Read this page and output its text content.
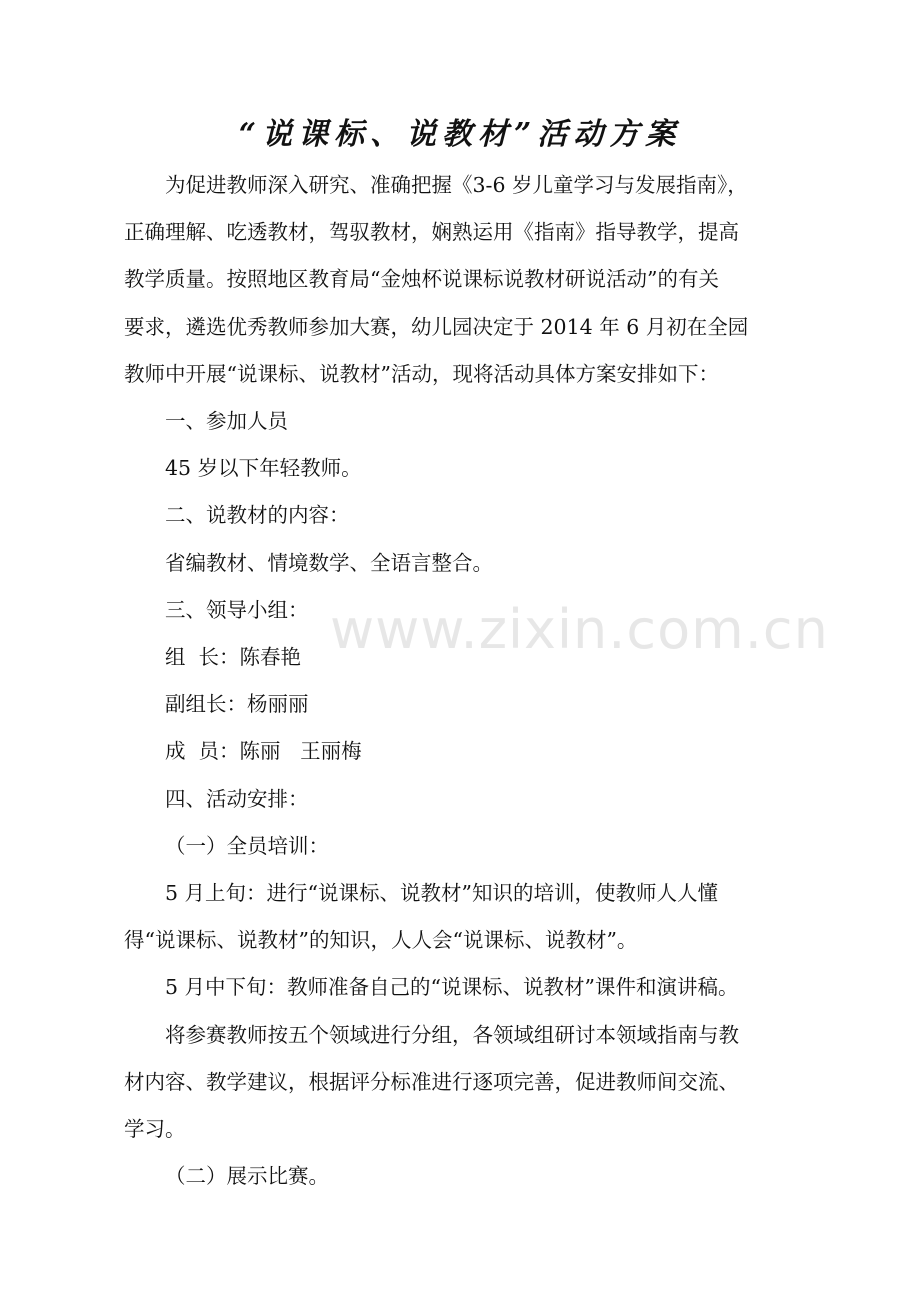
“说课标、说教材”活动方案

为促进教师深入研究、准确把握《3-6 岁儿童学习与发展指南》，
正确理解、吃透教材，驾驭教材，娴熟运用《指南》指导教学，提高
教学质量。按照地区教育局“金烛杯说课标说教材研说活动”的有关
要求，遴选优秀教师参加大赛，幼儿园决定于 2014 年 6 月初在全园
教师中开展“说课标、说教材”活动，现将活动具体方案安排如下：

一、参加人员

45 岁以下年轻教师。

二、说教材的内容：

省编教材、情境数学、全语言整合。

三、领导小组：

组  长：陈春艳

副组长：杨丽丽

成  员：陈丽   王丽梅

四、活动安排：

（一）全员培训：

5 月上旬：进行“说课标、说教材”知识的培训，使教师人人懂
得“说课标、说教材”的知识，人人会“说课标、说教材”。

5 月中下旬：教师准备自己的“说课标、说教材”课件和演讲稿。

将参赛教师按五个领域进行分组，各领域组研讨本领域指南与教
材内容、教学建议，根据评分标准进行逐项完善，促进教师间交流、
学习。

（二）展示比赛。

www.zixin.com.cn
